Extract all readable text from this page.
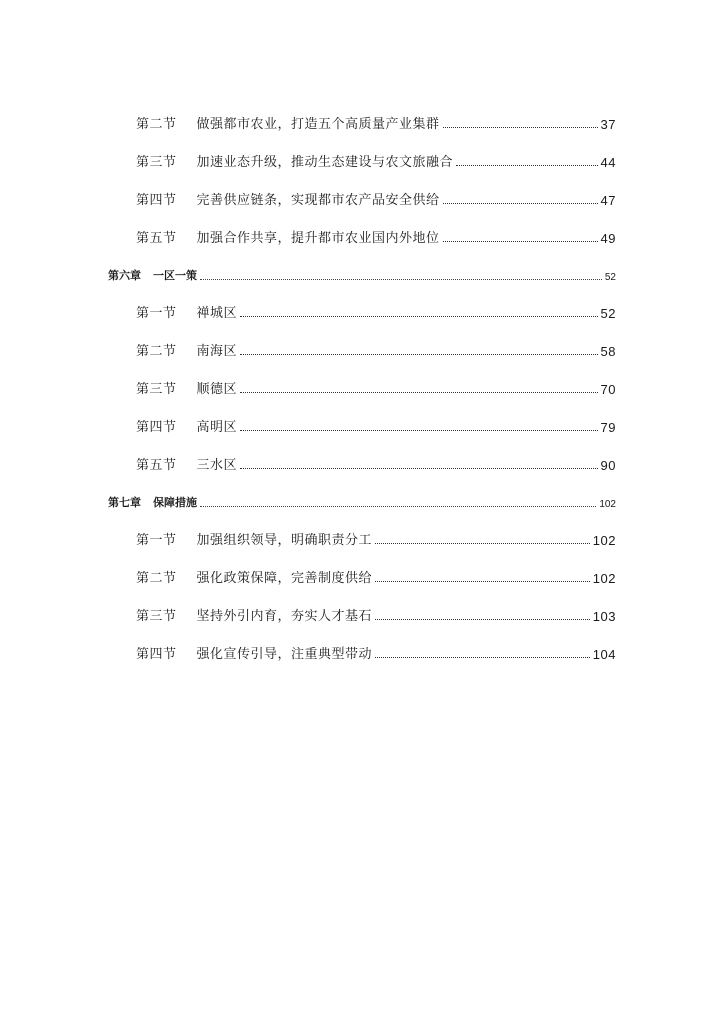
第二节 做强都市农业，打造五个高质量产业集群	37
第三节 加速业态升级，推动生态建设与农文旅融合	44
第四节 完善供应链条，实现都市农产品安全供给	47
第五节 加强合作共享，提升都市农业国内外地位	49
第六章 一区一策	52
第一节 禅城区	52
第二节 南海区	58
第三节 顺德区	70
第四节 高明区	79
第五节 三水区	90
第七章 保障措施	102
第一节 加强组织领导，明确职责分工	102
第二节 强化政策保障，完善制度供给	102
第三节 坚持外引内育，夯实人才基石	103
第四节 强化宣传引导，注重典型带动	104
